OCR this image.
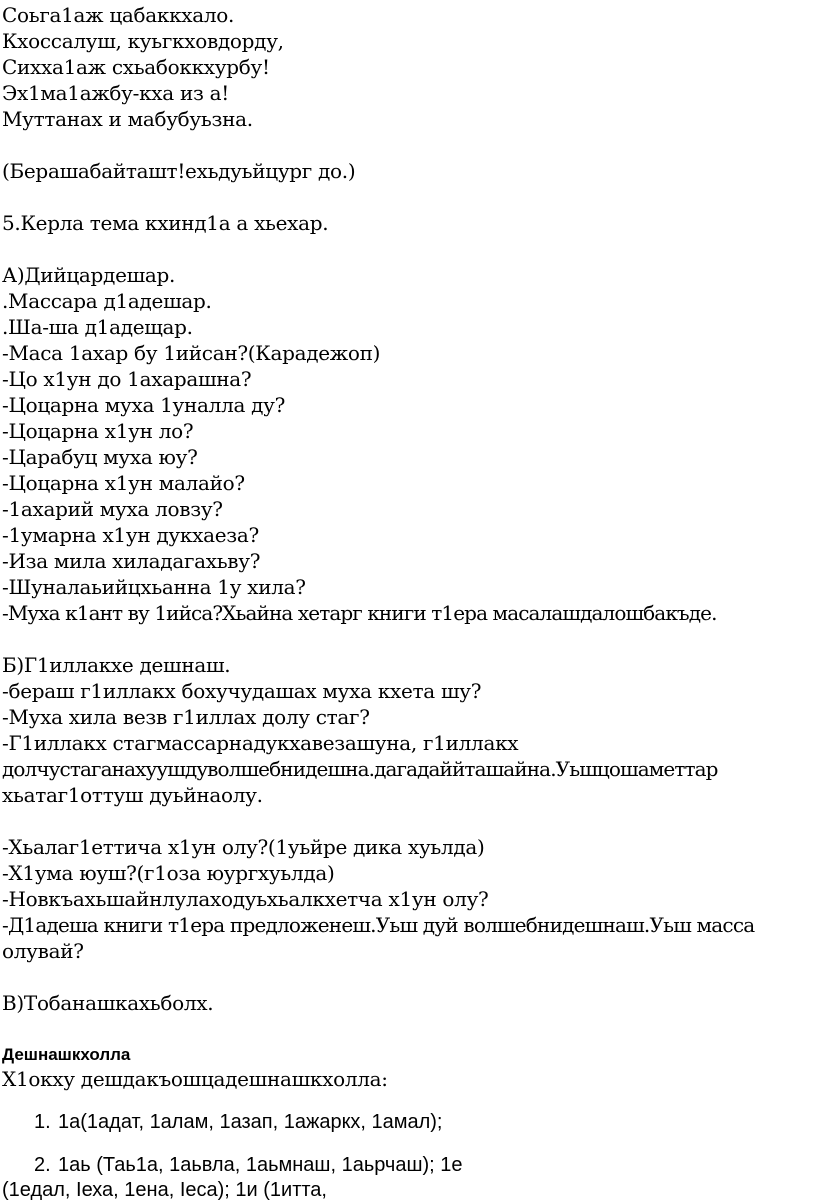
Соьга1аж цабаккхало.
Кхоссалуш, куьгкховдорду,
Сихха1аж схьабоккхурбу!
Эх1ма1ажбу-кха из а!
Муттанах и мабубуьзна.
(Берашабайташт!ехьдуьйцург до.)
5.Керла тема кхинд1а а хьехар.
А)Дийцардешар.
.Массара д1адешар.
.Ша-ша д1адещар.
-Маса 1ахар бу 1ийсан?(Карадежоп)
-Цо х1ун до 1ахарашна?
-Цоцарна муха 1уналла ду?
-Цоцарна х1ун ло?
-Царабуц муха юу?
-Цоцарна х1ун малайо?
-1ахарий муха ловзу?
-1умарна х1ун дукхаеза?
-Иза мила хиладагахьву?
-Шуналаьийцхьанна 1у хила?
-Муха к1ант ву 1ийса?Хьайна хетарг книги т1ера масалашдалошбакъде.
Б)Г1иллакхе дешнаш.
-бераш г1иллакх бохучудашах муха кхета шу?
-Муха хила везв г1иллах долу стаг?
-Г1иллакх стагмассарнадукхавезашуна, г1иллакх
долчустаганахуушдуволшебнидешна.дагадаййташайна.Уьшцошаметтар
хьатаг1оттуш дуьйнаолу.
-Хьалаг1еттича х1ун олу?(1уьйре дика хуьлда)
-Х1ума юуш?(г1оза юургхуьлда)
-Новкъахьшайнлулаходуьхьалкхетча х1ун олу?
-Д1адеша книги т1ера предложенеш.Уьш дуй волшебнидешнаш.Уьш масса
олувай?
В)Тобанашкахьболх.
Дешнашкхолла
Х1окху дешдакъошцадешнашкхолла:
1. 1а(1адат, 1алам, 1азап, 1ажаркх, 1амал);
2. 1аь (Таь1а, 1аьвла, 1аьмнаш, 1аьрчаш); 1е
(1едал, Iеха, 1ена, Iеса); 1и (1итта,
